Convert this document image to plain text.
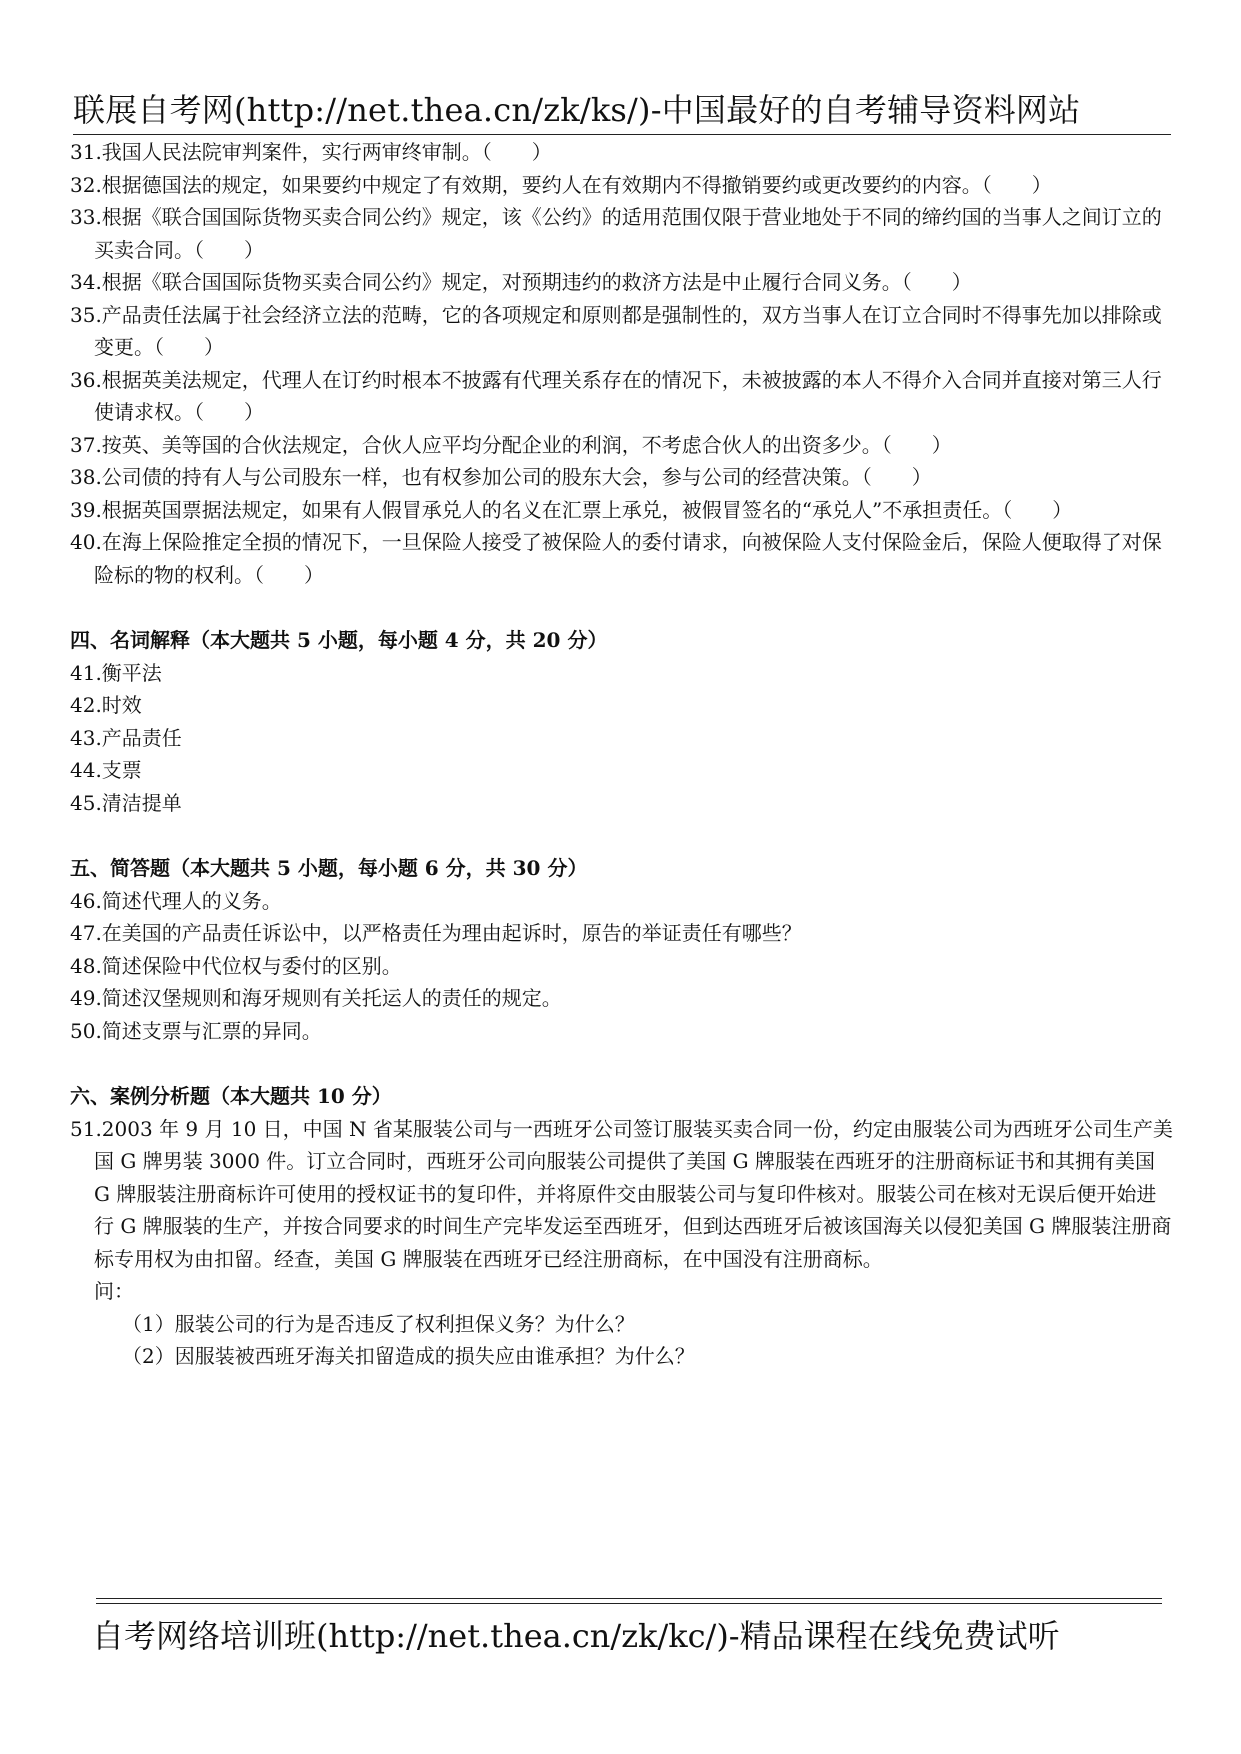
联展自考网(http://net.thea.cn/zk/ks/)-中国最好的自考辅导资料网站

31.我国人民法院审判案件，实行两审终审制。（　　）

32.根据德国法的规定，如果要约中规定了有效期，要约人在有效期内不得撤销要约或更改要约的内容。（　　）

33.根据《联合国国际货物买卖合同公约》规定，该《公约》的适用范围仅限于营业地处于不同的缔约国的当事人之间订立的买卖合同。（　　）

34.根据《联合国国际货物买卖合同公约》规定，对预期违约的救济方法是中止履行合同义务。（　　）

35.产品责任法属于社会经济立法的范畴，它的各项规定和原则都是强制性的，双方当事人在订立合同时不得事先加以排除或变更。（　　）

36.根据英美法规定，代理人在订约时根本不披露有代理关系存在的情况下，未被披露的本人不得介入合同并直接对第三人行使请求权。（　　）

37.按英、美等国的合伙法规定，合伙人应平均分配企业的利润，不考虑合伙人的出资多少。（　　）

38.公司债的持有人与公司股东一样，也有权参加公司的股东大会，参与公司的经营决策。（　　）

39.根据英国票据法规定，如果有人假冒承兑人的名义在汇票上承兑，被假冒签名的“承兑人”不承担责任。（　　）

40.在海上保险推定全损的情况下，一旦保险人接受了被保险人的委付请求，向被保险人支付保险金后，保险人便取得了对保险标的物的权利。（　　）

四、名词解释（本大题共 5 小题，每小题 4 分，共 20 分）

41.衡平法

42.时效

43.产品责任

44.支票

45.清洁提单

五、简答题（本大题共 5 小题，每小题 6 分，共 30 分）

46.简述代理人的义务。

47.在美国的产品责任诉讼中，以严格责任为理由起诉时，原告的举证责任有哪些？

48.简述保险中代位权与委付的区别。

49.简述汉堡规则和海牙规则有关托运人的责任的规定。

50.简述支票与汇票的异同。

六、案例分析题（本大题共 10 分）

51.2003 年 9 月 10 日，中国 N 省某服装公司与一西班牙公司签订服装买卖合同一份，约定由服装公司为西班牙公司生产美国 G 牌男装 3000 件。订立合同时，西班牙公司向服装公司提供了美国 G 牌服装在西班牙的注册商标证书和其拥有美国 G 牌服装注册商标许可使用的授权证书的复印件，并将原件交由服装公司与复印件核对。服装公司在核对无误后便开始进行 G 牌服装的生产，并按合同要求的时间生产完毕发运至西班牙，但到达西班牙后被该国海关以侵犯美国 G 牌服装注册商标专用权为由扣留。经查，美国 G 牌服装在西班牙已经注册商标，在中国没有注册商标。

问：

（1）服装公司的行为是否违反了权利担保义务？为什么？

（2）因服装被西班牙海关扣留造成的损失应由谁承担？为什么？

自考网络培训班(http://net.thea.cn/zk/kc/)-精品课程在线免费试听
